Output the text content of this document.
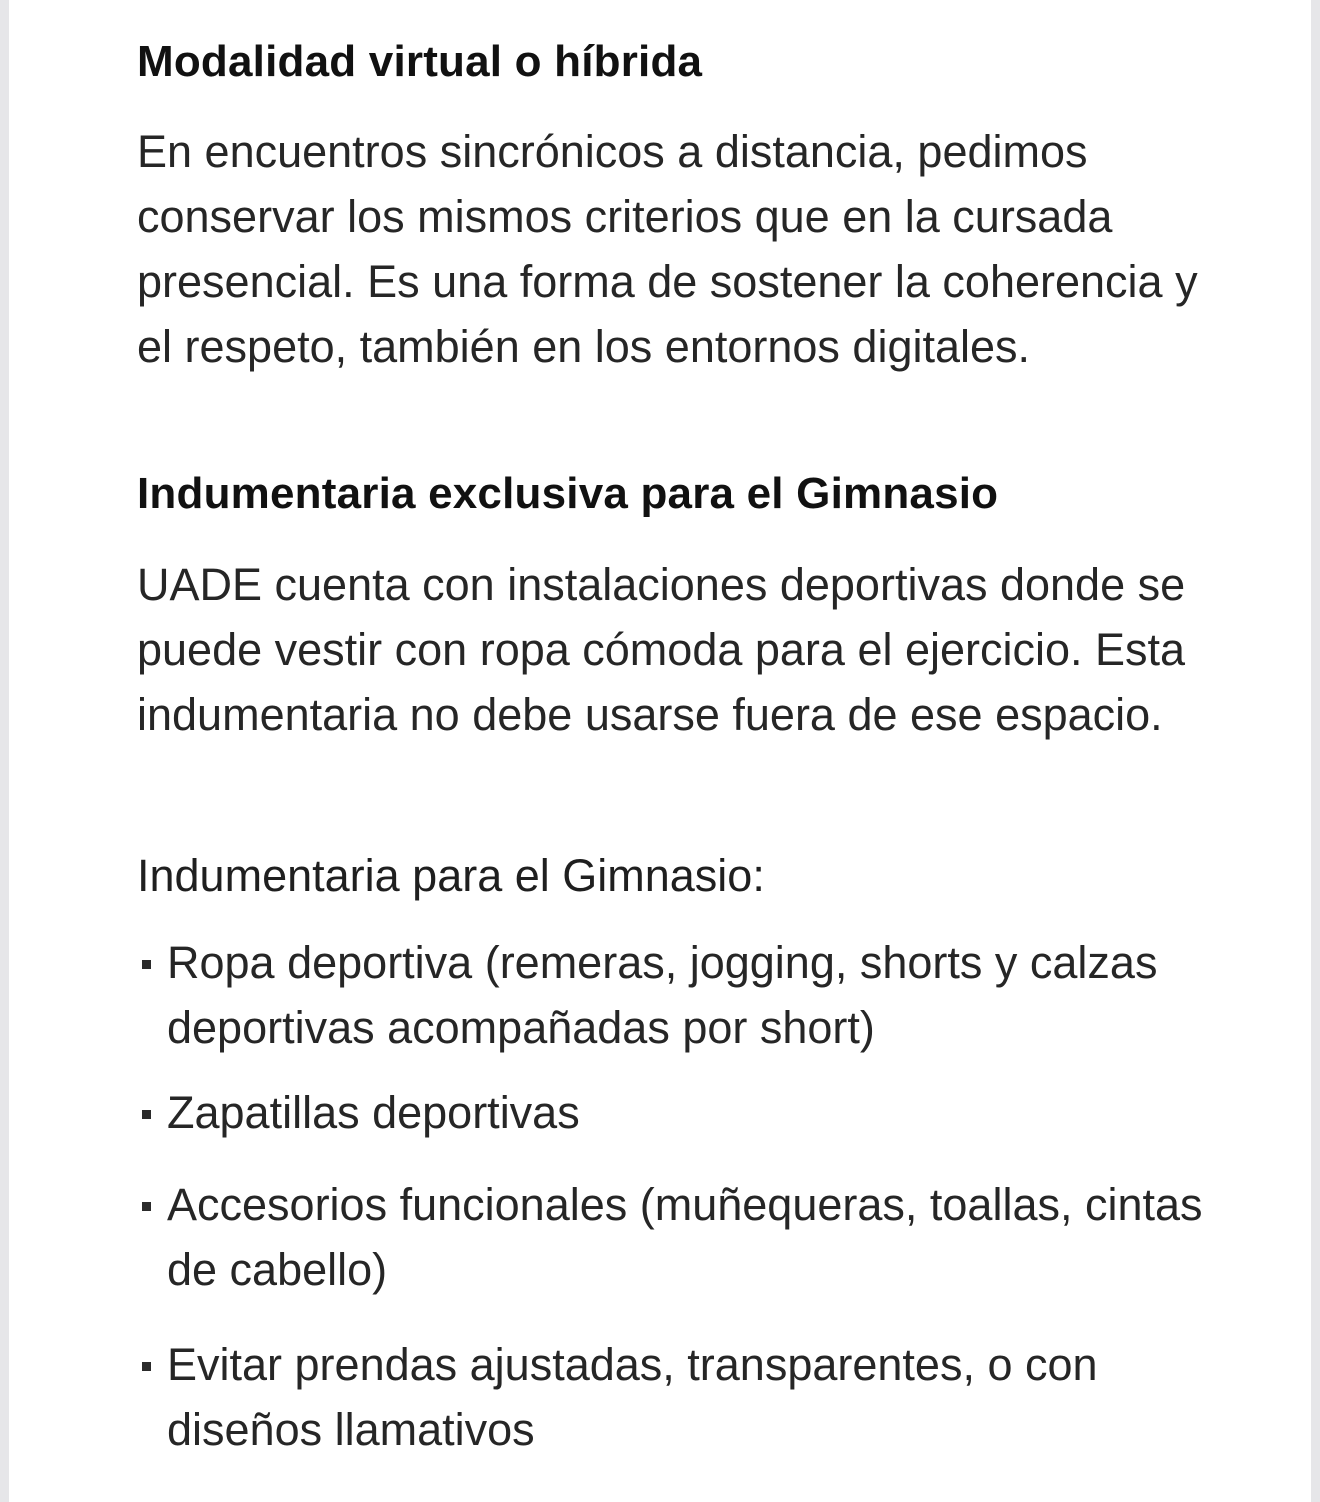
Modalidad virtual o híbrida

En encuentros sincrónicos a distancia, pedimos conservar los mismos criterios que en la cursada presencial. Es una forma de sostener la coherencia y el respeto, también en los entornos digitales.

Indumentaria exclusiva para el Gimnasio

UADE cuenta con instalaciones deportivas donde se puede vestir con ropa cómoda para el ejercicio. Esta indumentaria no debe usarse fuera de ese espacio.

Indumentaria para el Gimnasio:
Ropa deportiva (remeras, jogging, shorts y calzas deportivas acompañadas por short)
Zapatillas deportivas
Accesorios funcionales (muñequeras, toallas, cintas de cabello)
Evitar prendas ajustadas, transparentes, o con diseños llamativos
